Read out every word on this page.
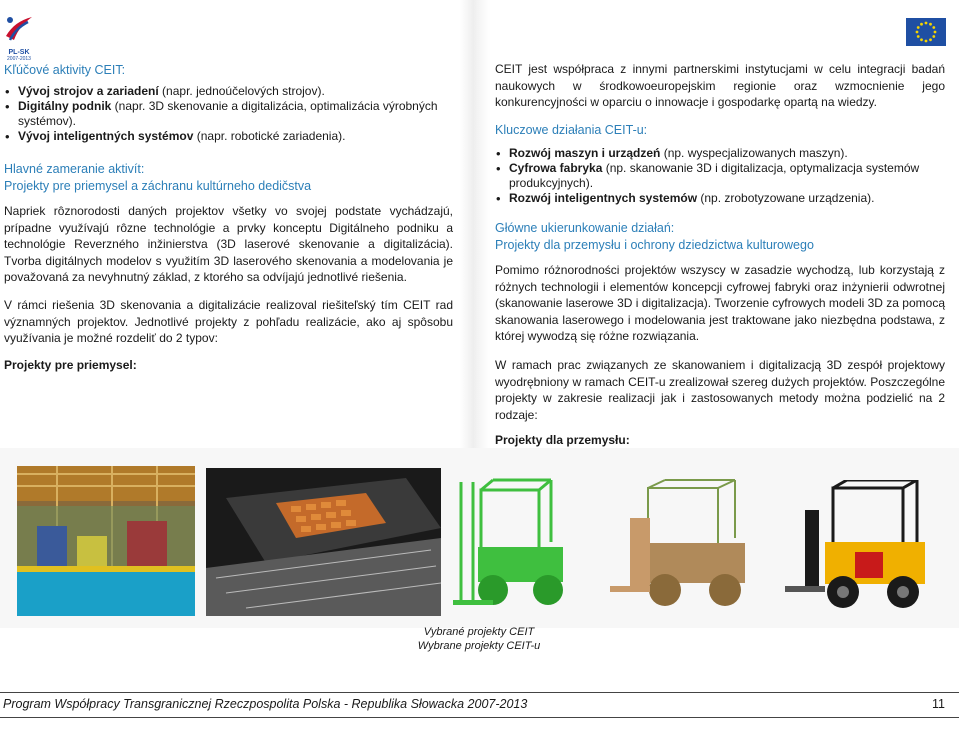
PL-SK
2007-2013
Kľúčové aktivity CEIT:
• Vývoj strojov a zariadení (napr. jednoúčelových strojov).
• Digitálny podnik (napr. 3D skenovanie a digitalizácia, optimalizácia výrobných systémov).
• Vývoj inteligentných systémov (napr. robotické zariadenia).
Hlavné zameranie aktivít:
Projekty pre priemysel a záchranu kultúrneho dedičstva

Napriek rôznorodosti daných projektov všetky vo svojej podstate vychádzajú, prípadne využívajú rôzne technológie a prvky konceptu Digitálneho podniku a technológie Reverzného inžinierstva (3D laserové skenovanie a digitalizácia). Tvorba digitálnych modelov s využitím 3D laserového skenovania a modelovania je považovaná za nevyhnutný základ, z ktorého sa odvíjajú jednotlivé riešenia.

V rámci riešenia 3D skenovania a digitalizácie realizoval riešiteľský tím CEIT rad významných projektov. Jednotlivé projekty z pohľadu realizácie, ako aj spôsobu využívania je možné rozdeliť do 2 typov:

Projekty pre priemysel:

CEIT jest współpraca z innymi partnerskimi instytucjami w celu integracji badań naukowych w środkowoeuropejskim regionie oraz wzmocnienie jego konkurencyjności w oparciu o innowacje i gospodarkę opartą na wiedzy.

Kluczowe działania CEIT-u:
• Rozwój maszyn i urządzeń (np. wyspecjalizowanych maszyn).
• Cyfrowa fabryka (np. skanowanie 3D i digitalizacja, optymalizacja systemów produkcyjnych).
• Rozwój inteligentnych systemów (np. zrobotyzowane urządzenia).
Główne ukierunkowanie działań:
Projekty dla przemysłu i ochrony dziedzictwa kulturowego

Pomimo różnorodności projektów wszyscy w zasadzie wychodzą, lub korzystają z różnych technologii i elementów koncepcji cyfrowej fabryki oraz inżynierii odwrotnej (skanowanie laserowe 3D i digitalizacja). Tworzenie cyfrowych modeli 3D za pomocą skanowania laserowego i modelowania jest traktowane jako niezbędna podstawa, z której wywodzą się różne rozwiązania.

W ramach prac związanych ze skanowaniem i digitalizacją 3D zespół projektowy wyodrębniony w ramach CEIT-u zrealizował szereg dużych projektów. Poszczególne projekty w zakresie realizacji jak i zastosowanych metody można podzielić na 2 rodzaje:

Projekty dla przemysłu:
Vybrané projekty CEIT
Wybrane projekty CEIT-u
Program Współpracy Transgranicznej Rzeczpospolita Polska - Republika Słowacka 2007-2013	11
